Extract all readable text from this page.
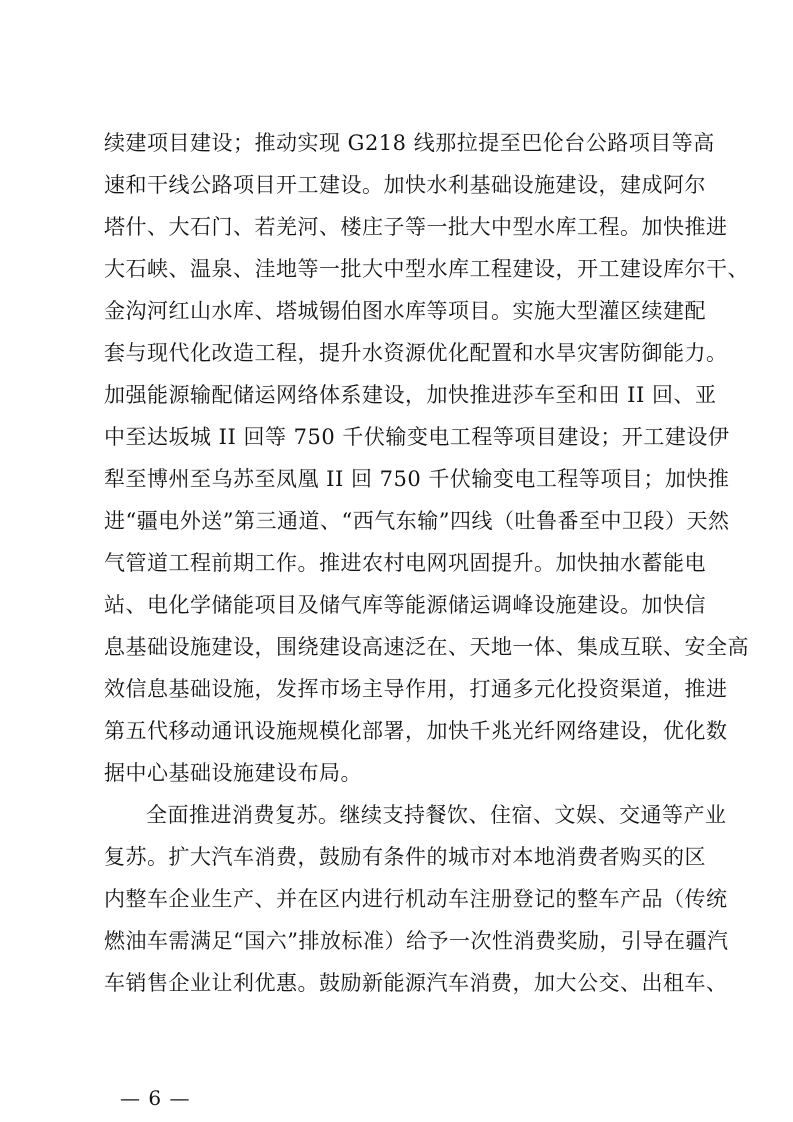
续建项目建设；推动实现 G218 线那拉提至巴伦台公路项目等高
速和干线公路项目开工建设。加快水利基础设施建设，建成阿尔
塔什、大石门、若羌河、楼庄子等一批大中型水库工程。加快推进
大石峡、温泉、洼地等一批大中型水库工程建设，开工建设库尔干、
金沟河红山水库、塔城锡伯图水库等项目。实施大型灌区续建配
套与现代化改造工程，提升水资源优化配置和水旱灾害防御能力。
加强能源输配储运网络体系建设，加快推进莎车至和田 II 回、亚
中至达坂城 II 回等 750 千伏输变电工程等项目建设；开工建设伊
犁至博州至乌苏至凤凰 II 回 750 千伏输变电工程等项目；加快推
进“疆电外送”第三通道、“西气东输”四线（吐鲁番至中卫段）天然
气管道工程前期工作。推进农村电网巩固提升。加快抽水蓄能电
站、电化学储能项目及储气库等能源储运调峰设施建设。加快信
息基础设施建设，围绕建设高速泛在、天地一体、集成互联、安全高
效信息基础设施，发挥市场主导作用，打通多元化投资渠道，推进
第五代移动通讯设施规模化部署，加快千兆光纤网络建设，优化数
据中心基础设施建设布局。
全面推进消费复苏。继续支持餐饮、住宿、文娱、交通等产业
复苏。扩大汽车消费，鼓励有条件的城市对本地消费者购买的区
内整车企业生产、并在区内进行机动车注册登记的整车产品（传统
燃油车需满足“国六”排放标准）给予一次性消费奖励，引导在疆汽
车销售企业让利优惠。鼓励新能源汽车消费，加大公交、出租车、
— 6 —
